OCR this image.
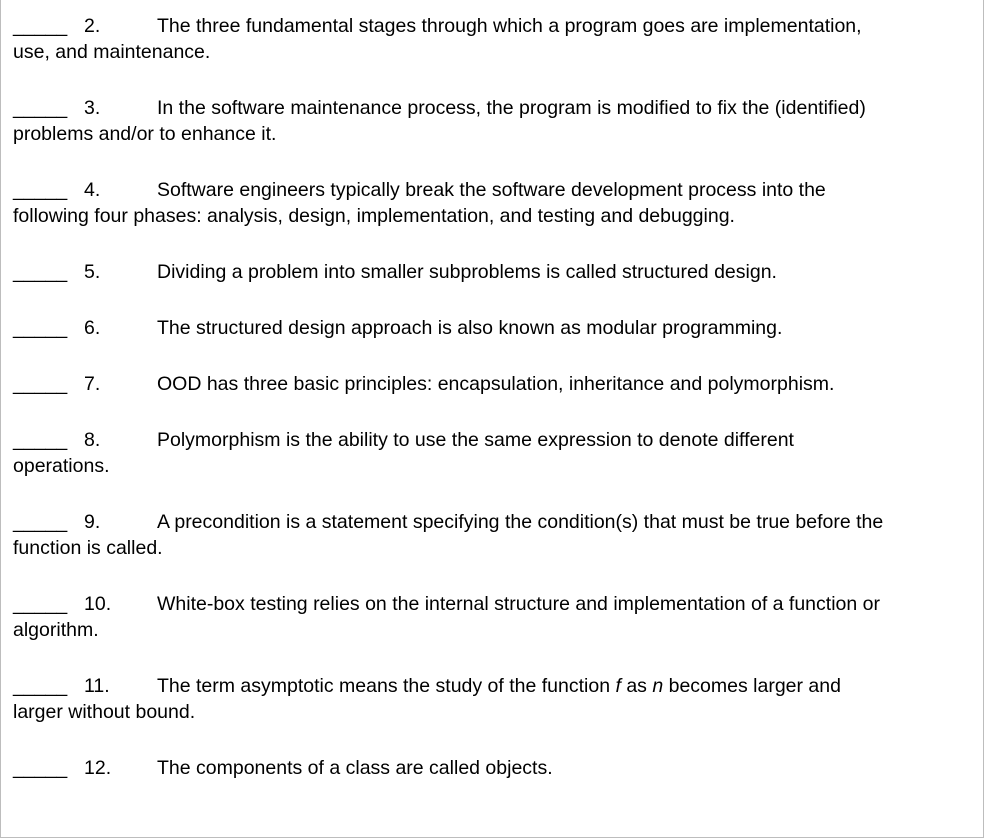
_____ 2.	The three fundamental stages through which a program goes are implementation,
use, and maintenance.
_____ 3.	In the software maintenance process, the program is modified to fix the (identified)
problems and/or to enhance it.
_____ 4.	Software engineers typically break the software development process into the
following four phases: analysis, design, implementation, and testing and debugging.
_____ 5.	Dividing a problem into smaller subproblems is called structured design.
_____ 6.	The structured design approach is also known as modular programming.
_____ 7.	OOD has three basic principles: encapsulation, inheritance and polymorphism.
_____ 8.	Polymorphism is the ability to use the same expression to denote different
operations.
_____ 9.	A precondition is a statement specifying the condition(s) that must be true before the
function is called.
_____ 10.	White-box testing relies on the internal structure and implementation of a function or
algorithm.
_____ 11.	The term asymptotic means the study of the function f as n becomes larger and
larger without bound.
_____ 12.	The components of a class are called objects.
